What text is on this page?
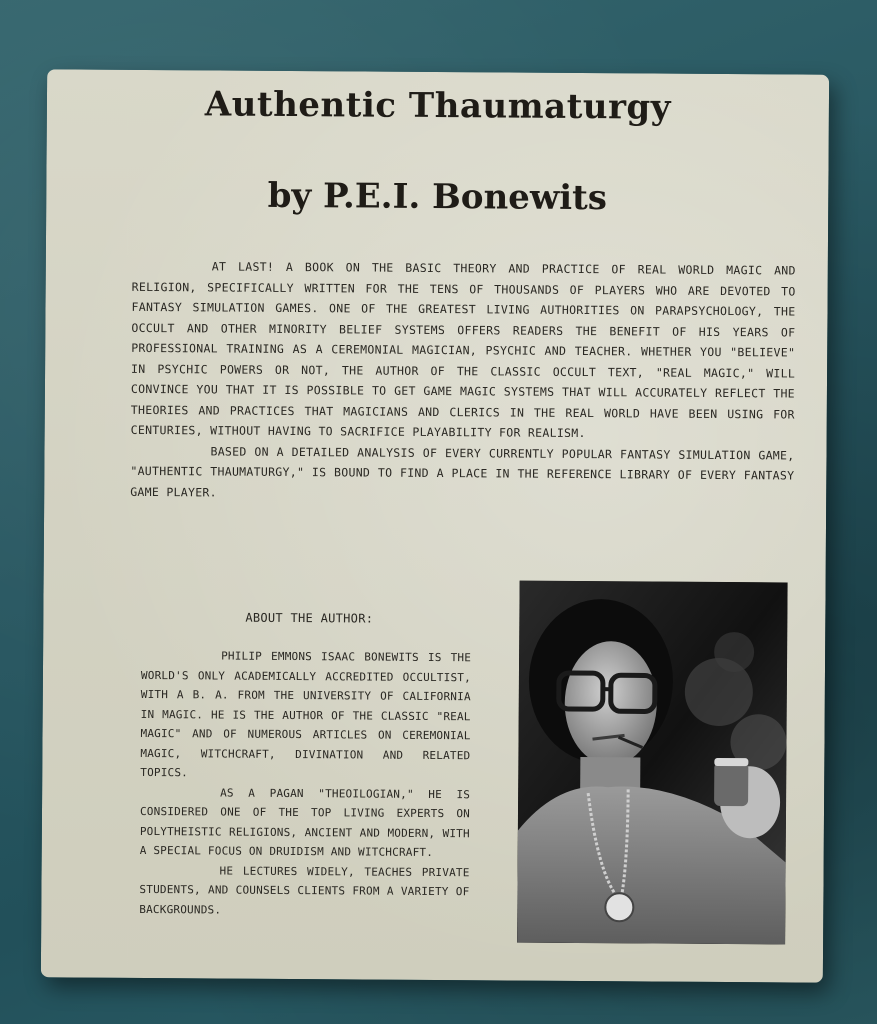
Authentic Thaumaturgy
by P.E.I. Bonewits

AT LAST! A BOOK ON THE BASIC THEORY AND PRACTICE OF REAL WORLD MAGIC AND RELIGION, SPECIFICALLY WRITTEN FOR THE TENS OF THOUSANDS OF PLAYERS WHO ARE DEVOTED TO FANTASY SIMULATION GAMES. ONE OF THE GREATEST LIVING AUTHORITIES ON PARAPSYCHOLOGY, THE OCCULT AND OTHER MINORITY BELIEF SYSTEMS OFFERS READERS THE BENEFIT OF HIS YEARS OF PROFESSIONAL TRAINING AS A CEREMONIAL MAGICIAN, PSYCHIC AND TEACHER. WHETHER YOU "BELIEVE" IN PSYCHIC POWERS OR NOT, THE AUTHOR OF THE CLASSIC OCCULT TEXT, "REAL MAGIC," WILL CONVINCE YOU THAT IT IS POSSIBLE TO GET GAME MAGIC SYSTEMS THAT WILL ACCURATELY REFLECT THE THEORIES AND PRACTICES THAT MAGICIANS AND CLERICS IN THE REAL WORLD HAVE BEEN USING FOR CENTURIES, WITHOUT HAVING TO SACRIFICE PLAYABILITY FOR REALISM.

BASED ON A DETAILED ANALYSIS OF EVERY CURRENTLY POPULAR FANTASY SIMULATION GAME, "AUTHENTIC THAUMATURGY," IS BOUND TO FIND A PLACE IN THE REFERENCE LIBRARY OF EVERY FANTASY GAME PLAYER.

ABOUT THE AUTHOR:

PHILIP EMMONS ISAAC BONEWITS IS THE WORLD'S ONLY ACADEMICALLY ACCREDITED OCCULTIST, WITH A B. A. FROM THE UNIVERSITY OF CALIFORNIA IN MAGIC. HE IS THE AUTHOR OF THE CLASSIC "REAL MAGIC" AND OF NUMEROUS ARTICLES ON CEREMONIAL MAGIC, WITCHCRAFT, DIVINATION AND RELATED TOPICS.

AS A PAGAN "THEOILOGIAN," HE IS CONSIDERED ONE OF THE TOP LIVING EXPERTS ON POLYTHEISTIC RELIGIONS, ANCIENT AND MODERN, WITH A SPECIAL FOCUS ON DRUIDISM AND WITCHCRAFT.

HE LECTURES WIDELY, TEACHES PRIVATE STUDENTS, AND COUNSELS CLIENTS FROM A VARIETY OF BACKGROUNDS.
